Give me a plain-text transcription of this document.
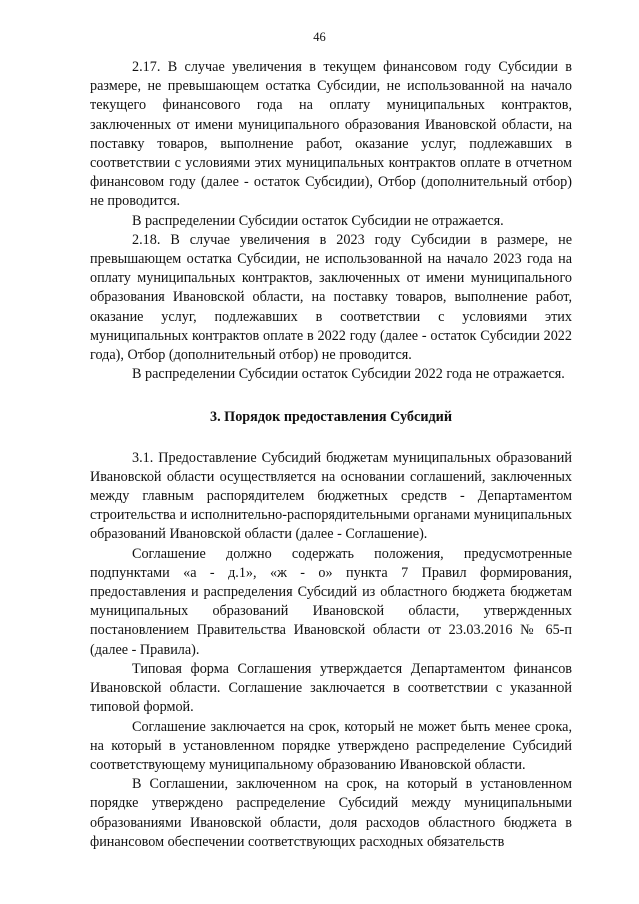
46

2.17. В случае увеличения в текущем финансовом году Субсидии в размере, не превышающем остатка Субсидии, не использованной на начало текущего финансового года на оплату муниципальных контрактов, заключенных от имени муниципального образования Ивановской области, на поставку товаров, выполнение работ, оказание услуг, подлежавших в соответствии с условиями этих муниципальных контрактов оплате в отчетном финансовом году (далее - остаток Субсидии), Отбор (дополнительный отбор) не проводится.

В распределении Субсидии остаток Субсидии не отражается.

2.18. В случае увеличения в 2023 году Субсидии в размере, не превышающем остатка Субсидии, не использованной на начало 2023 года на оплату муниципальных контрактов, заключенных от имени муниципального образования Ивановской области, на поставку товаров, выполнение работ, оказание услуг, подлежавших в соответствии с условиями этих муниципальных контрактов оплате в 2022 году (далее - остаток Субсидии 2022 года), Отбор (дополнительный отбор) не проводится.

В распределении Субсидии остаток Субсидии 2022 года не отражается.

3. Порядок предоставления Субсидий

3.1. Предоставление Субсидий бюджетам муниципальных образований Ивановской области осуществляется на основании соглашений, заключенных между главным распорядителем бюджетных средств - Департаментом строительства и исполнительно-распорядительными органами муниципальных образований Ивановской области (далее - Соглашение).

Соглашение должно содержать положения, предусмотренные подпунктами «а - д.1», «ж - о» пункта 7 Правил формирования, предоставления и распределения Субсидий из областного бюджета бюджетам муниципальных образований Ивановской области, утвержденных постановлением Правительства Ивановской области от 23.03.2016 № 65-п (далее - Правила).

Типовая форма Соглашения утверждается Департаментом финансов Ивановской области. Соглашение заключается в соответствии с указанной типовой формой.

Соглашение заключается на срок, который не может быть менее срока, на который в установленном порядке утверждено распределение Субсидий соответствующему муниципальному образованию Ивановской области.

В Соглашении, заключенном на срок, на который в установленном порядке утверждено распределение Субсидий между муниципальными образованиями Ивановской области, доля расходов областного бюджета в финансовом обеспечении соответствующих расходных обязательств
